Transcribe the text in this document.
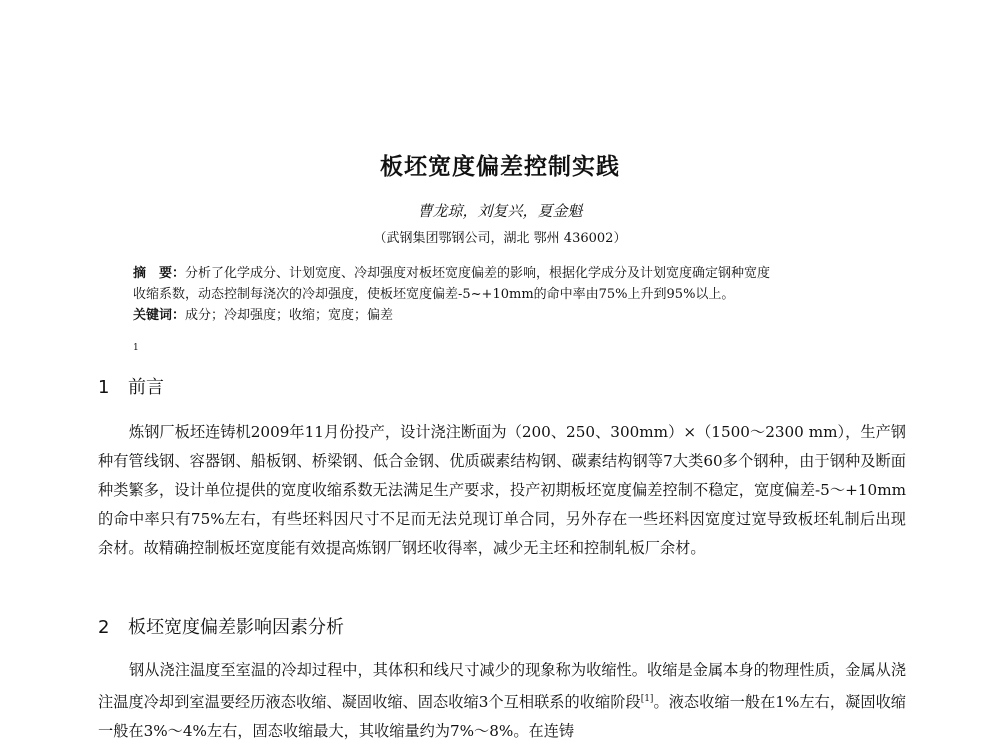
板坯宽度偏差控制实践
曹龙琼，刘复兴，夏金魁
（武钢集团鄂钢公司，湖北 鄂州 436002）

摘　要：分析了化学成分、计划宽度、冷却强度对板坯宽度偏差的影响，根据化学成分及计划宽度确定钢种宽度

收缩系数，动态控制每浇次的冷却强度，使板坯宽度偏差-5~+10mm的命中率由75%上升到95%以上。

关键词：成分；冷却强度；收缩；宽度；偏差

1
1 前言

炼钢厂板坯连铸机2009年11月份投产，设计浇注断面为（200、250、300mm）×（1500～2300 mm），生产钢种有管线钢、容器钢、船板钢、桥梁钢、低合金钢、优质碳素结构钢、碳素结构钢等7大类60多个钢种，由于钢种及断面种类繁多，设计单位提供的宽度收缩系数无法满足生产要求，投产初期板坯宽度偏差控制不稳定，宽度偏差-5～+10mm的命中率只有75%左右，有些坯料因尺寸不足而无法兑现订单合同，另外存在一些坯料因宽度过宽导致板坯轧制后出现余材。故精确控制板坯宽度能有效提高炼钢厂钢坯收得率，减少无主坯和控制轧板厂余材。

2 板坯宽度偏差影响因素分析

钢从浇注温度至室温的冷却过程中，其体积和线尺寸减少的现象称为收缩性。收缩是金属本身的物理性质，金属从浇注温度冷却到室温要经历液态收缩、凝固收缩、固态收缩3个互相联系的收缩阶段[1]。液态收缩一般在1%左右，凝固收缩一般在3%～4%左右，固态收缩最大，其收缩量约为7%～8%。在连铸
